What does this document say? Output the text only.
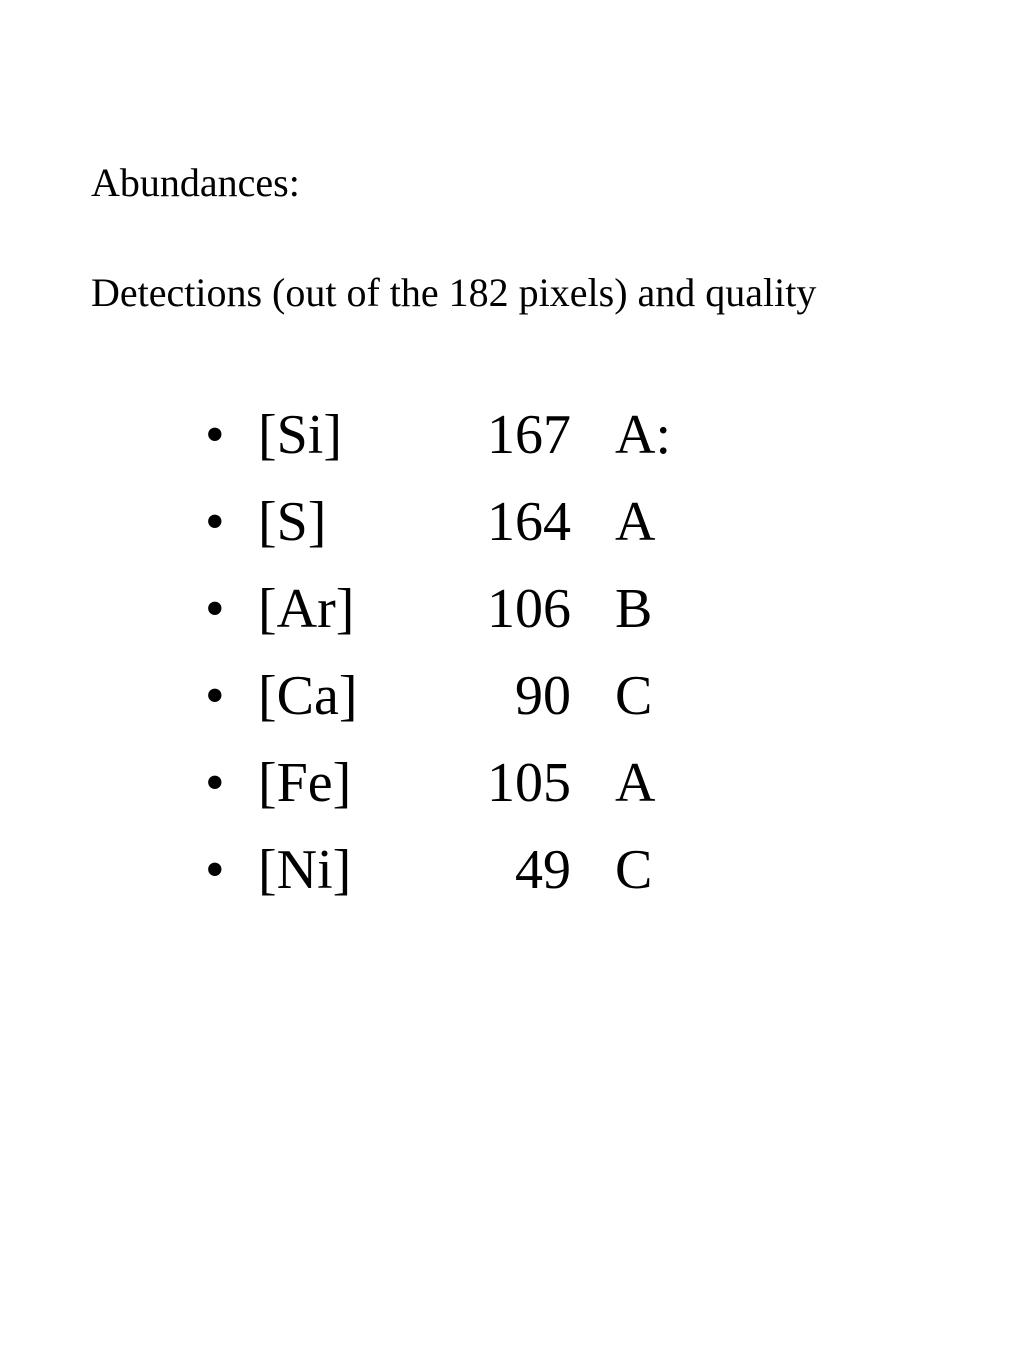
Abundances:
Detections (out of the 182 pixels) and quality
• [Si]	167 A:
• [S]	164 A
• [Ar]	106 B
• [Ca]	90 C
• [Fe]	105 A
• [Ni]	49 C
